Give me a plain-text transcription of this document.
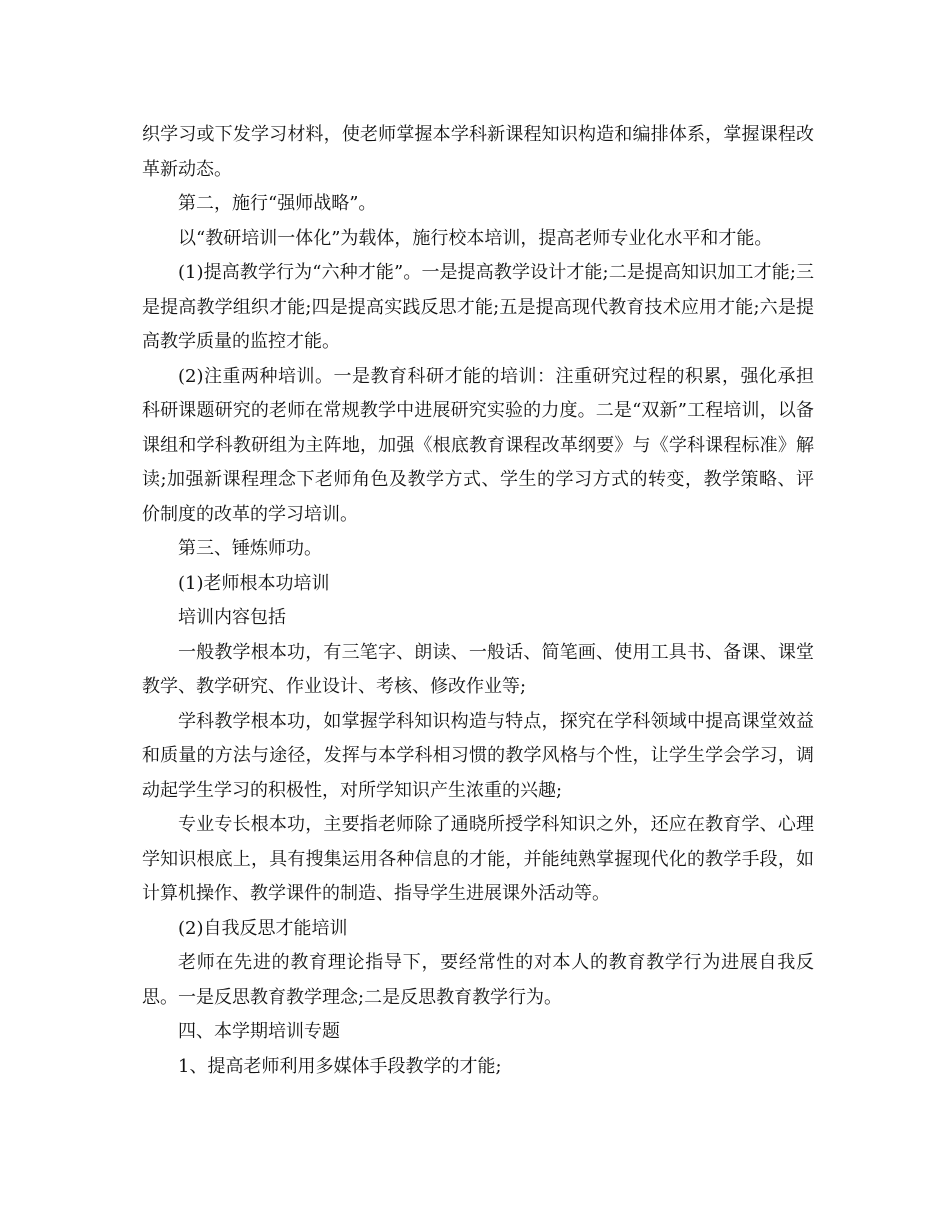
织学习或下发学习材料，使老师掌握本学科新课程知识构造和编排体系，掌握课程改革新动态。

第二，施行“强师战略”。

以“教研培训一体化”为载体，施行校本培训，提高老师专业化水平和才能。

(1)提高教学行为“六种才能”。一是提高教学设计才能;二是提高知识加工才能;三是提高教学组织才能;四是提高实践反思才能;五是提高现代教育技术应用才能;六是提高教学质量的监控才能。

(2)注重两种培训。一是教育科研才能的培训：注重研究过程的积累，强化承担科研课题研究的老师在常规教学中进展研究实验的力度。二是“双新”工程培训，以备课组和学科教研组为主阵地，加强《根底教育课程改革纲要》与《学科课程标准》解读;加强新课程理念下老师角色及教学方式、学生的学习方式的转变，教学策略、评价制度的改革的学习培训。

第三、锤炼师功。

(1)老师根本功培训

培训内容包括

一般教学根本功，有三笔字、朗读、一般话、简笔画、使用工具书、备课、课堂教学、教学研究、作业设计、考核、修改作业等;

学科教学根本功，如掌握学科知识构造与特点，探究在学科领域中提高课堂效益和质量的方法与途径，发挥与本学科相习惯的教学风格与个性，让学生学会学习，调动起学生学习的积极性，对所学知识产生浓重的兴趣;

专业专长根本功，主要指老师除了通晓所授学科知识之外，还应在教育学、心理学知识根底上，具有搜集运用各种信息的才能，并能纯熟掌握现代化的教学手段，如计算机操作、教学课件的制造、指导学生进展课外活动等。

(2)自我反思才能培训

老师在先进的教育理论指导下，要经常性的对本人的教育教学行为进展自我反思。一是反思教育教学理念;二是反思教育教学行为。

四、本学期培训专题

1、提高老师利用多媒体手段教学的才能;
